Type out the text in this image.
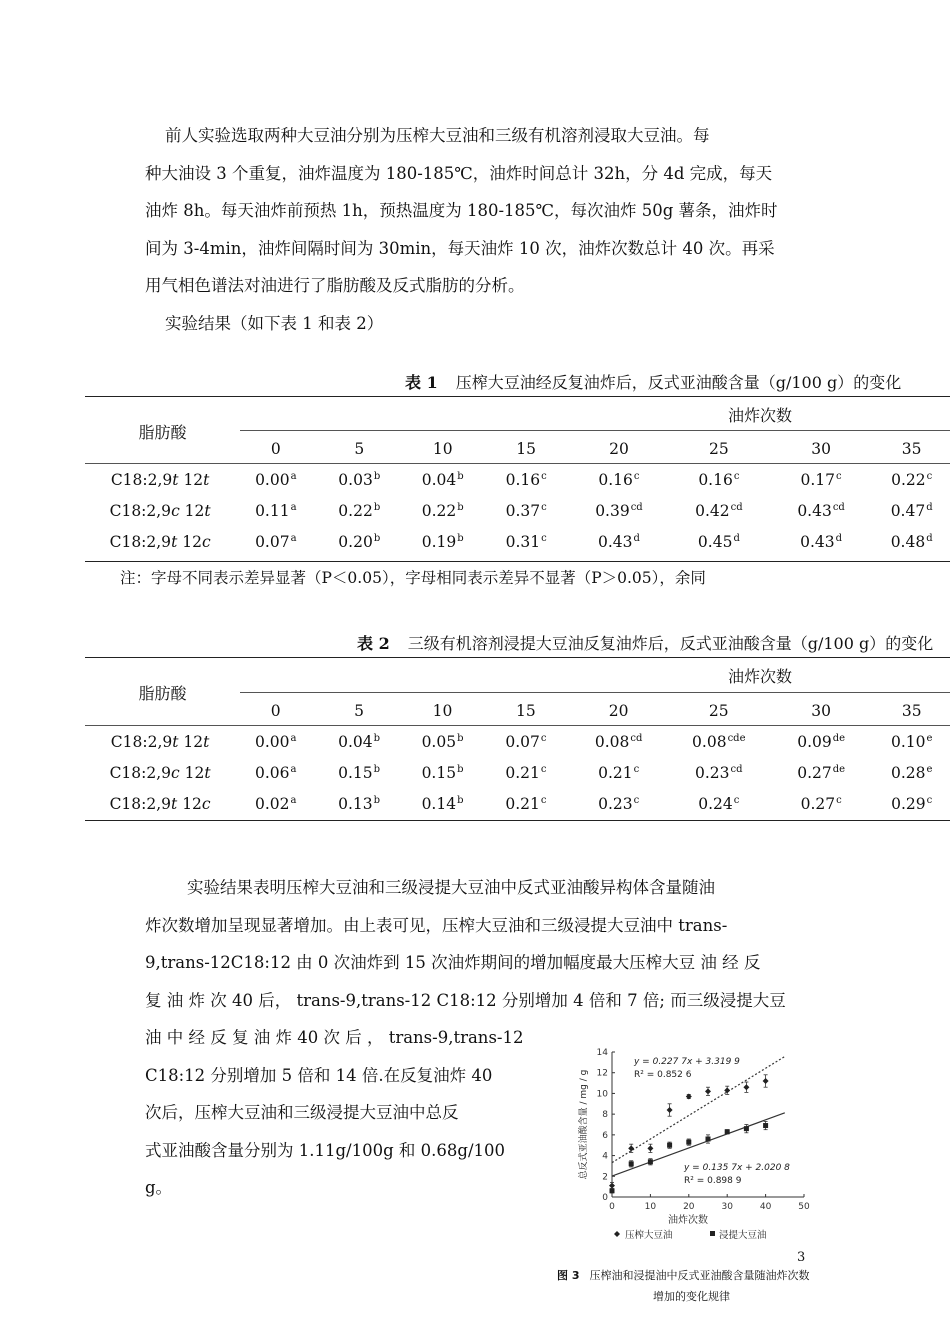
前人实验选取两种大豆油分别为压榨大豆油和三级有机溶剂浸取大豆油。每
种大油设 3 个重复，油炸温度为 180-185℃，油炸时间总计 32h，分 4d 完成，每天
油炸 8h。每天油炸前预热 1h，预热温度为 180-185℃，每次油炸 50g 薯条，油炸时
间为 3-4min，油炸间隔时间为 30min，每天油炸 10 次，油炸次数总计 40 次。再采
用气相色谱法对油进行了脂肪酸及反式脂肪的分析。
实验结果（如下表 1 和表 2）
表 1 压榨大豆油经反复油炸后，反式亚油酸含量（g/100 g）的变化
脂肪酸
油炸次数
	0	5	10	15	20	25	30	35
C18:2,9t 12t	0.00$^a$	0.03$^b$	0.04$^b$	0.16$^c$	0.16$^c$	0.16$^c$	0.17$^c$	0.22$^c$
C18:2,9c 12t	0.11$^a$	0.22$^b$	0.22$^b$	0.37$^c$	0.39$^{cd}$	0.42$^{cd}$	0.43$^{cd}$	0.47$^d$
C18:2,9t 12c	0.07$^a$	0.20$^b$	0.19$^b$	0.31$^c$	0.43$^d$	0.45$^d$	0.43$^d$	0.48$^d$
注：字母不同表示差异显著（P＜0.05），字母相同表示差异不显著（P＞0.05），余同
表 2 三级有机溶剂浸提大豆油反复油炸后，反式亚油酸含量（g/100 g）的变化
脂肪酸
油炸次数
	0	5	10	15	20	25	30	35
C18:2,9t 12t	0.00$^a$	0.04$^b$	0.05$^b$	0.07$^c$	0.08$^{cd}$	0.08$^{cde}$	0.09de	0.10e
C18:2,9c 12t	0.06$^a$	0.15$^b$	0.15$^b$	0.21$^c$	0.21$^c$	0.23$^{cd}$	0.27de	0.28e
C18:2,9t 12c	0.02$^a$	0.13$^b$	0.14$^b$	0.21$^c$	0.23$^c$	0.24$^c$	0.27$^c$	0.29$^c$
实验结果表明压榨大豆油和三级浸提大豆油中反式亚油酸异构体含量随油
炸次数增加呈现显著增加。由上表可见，压榨大豆油和三级浸提大豆油中 trans-
9,trans-12C18:12 由 0 次油炸到 15 次油炸期间的增加幅度最大压榨大豆 油 经 反
复 油 炸 次 40 后， trans-9,trans-12 C18:12 分别增加 4 倍和 7 倍; 而三级浸提大豆
油 中 经 反 复 油 炸 40 次 后 ， trans-9,trans-12
C18:12 分别增加 5 倍和 14 倍.在反复油炸 40
次后，压榨大豆油和三级浸提大豆油中总反
式亚油酸含量分别为 1.11g/100g 和 0.68g/100
g。
0
2
4
6
8
10
12
14
0	10	20	30	40	50
油炸次数
总反式亚油酸含量 / mg / g
y = 0.227 7x + 3.319 9
R² = 0.852 6
y = 0.135 7x + 2.020 8
R² = 0.898 9
压榨大豆油	浸提大豆油
3
图 3 压榨油和浸提油中反式亚油酸含量随油炸次数
增加的变化规律
